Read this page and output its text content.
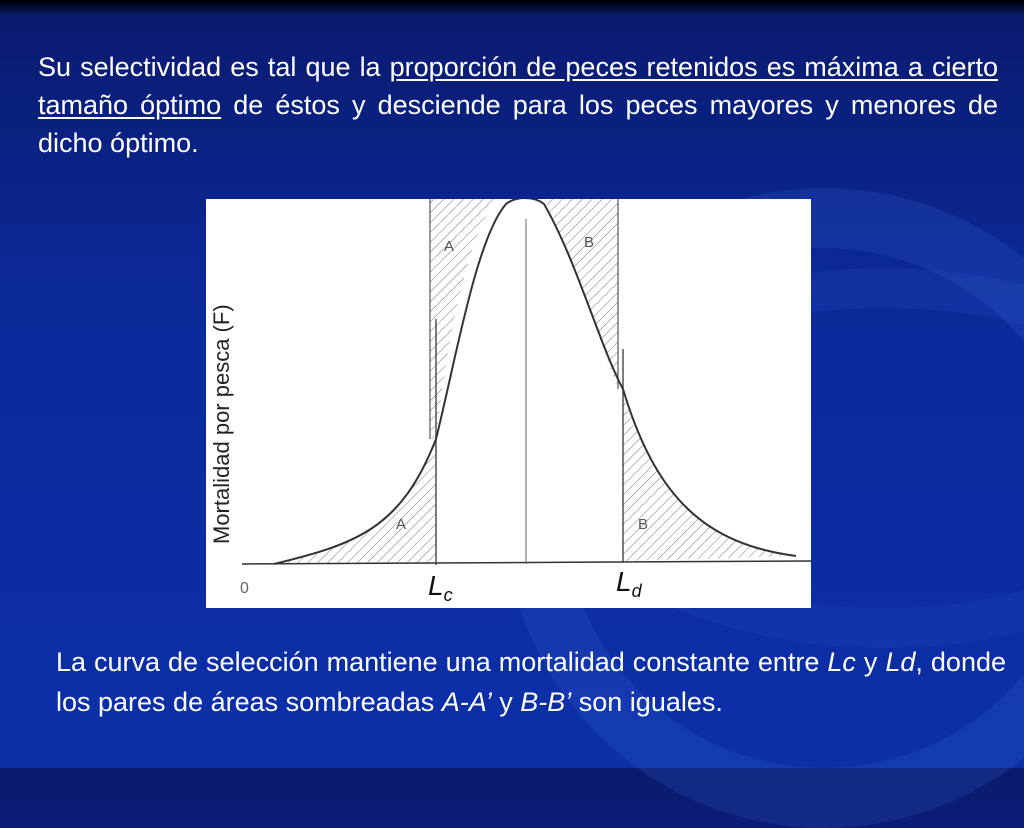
Su selectividad es tal que la proporción de peces retenidos es máxima a cierto tamaño óptimo de éstos y desciende para los peces mayores y menores de dicho óptimo.
Mortalidad por pesca (F)
0
A
A
B
B
$L_c$	$L_d$
La curva de selección mantiene una mortalidad constante entre Lc y Ld, donde los pares de áreas sombreadas A-A’ y B-B’ son iguales.
